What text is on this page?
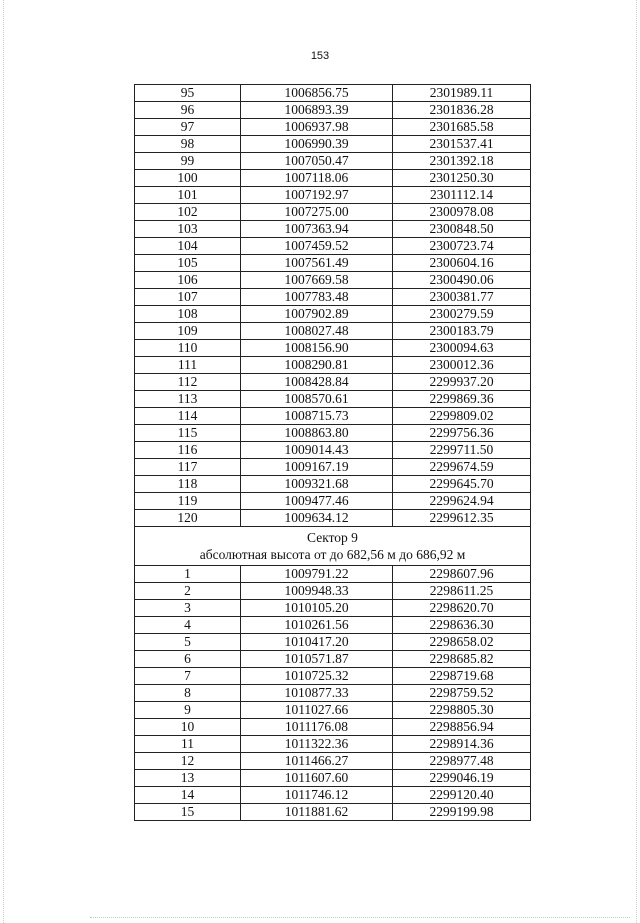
153
95	1006856.75	2301989.11
96	1006893.39	2301836.28
97	1006937.98	2301685.58
98	1006990.39	2301537.41
99	1007050.47	2301392.18
100	1007118.06	2301250.30
101	1007192.97	2301112.14
102	1007275.00	2300978.08
103	1007363.94	2300848.50
104	1007459.52	2300723.74
105	1007561.49	2300604.16
106	1007669.58	2300490.06
107	1007783.48	2300381.77
108	1007902.89	2300279.59
109	1008027.48	2300183.79
110	1008156.90	2300094.63
111	1008290.81	2300012.36
112	1008428.84	2299937.20
113	1008570.61	2299869.36
114	1008715.73	2299809.02
115	1008863.80	2299756.36
116	1009014.43	2299711.50
117	1009167.19	2299674.59
118	1009321.68	2299645.70
119	1009477.46	2299624.94
120	1009634.12	2299612.35

Сектор 9
абсолютная высота от до 682,56 м до 686,92 м		

1	1009791.22	2298607.96
2	1009948.33	2298611.25
3	1010105.20	2298620.70
4	1010261.56	2298636.30
5	1010417.20	2298658.02
6	1010571.87	2298685.82
7	1010725.32	2298719.68
8	1010877.33	2298759.52
9	1011027.66	2298805.30
10	1011176.08	2298856.94
11	1011322.36	2298914.36
12	1011466.27	2298977.48
13	1011607.60	2299046.19
14	1011746.12	2299120.40
15	1011881.62	2299199.98
